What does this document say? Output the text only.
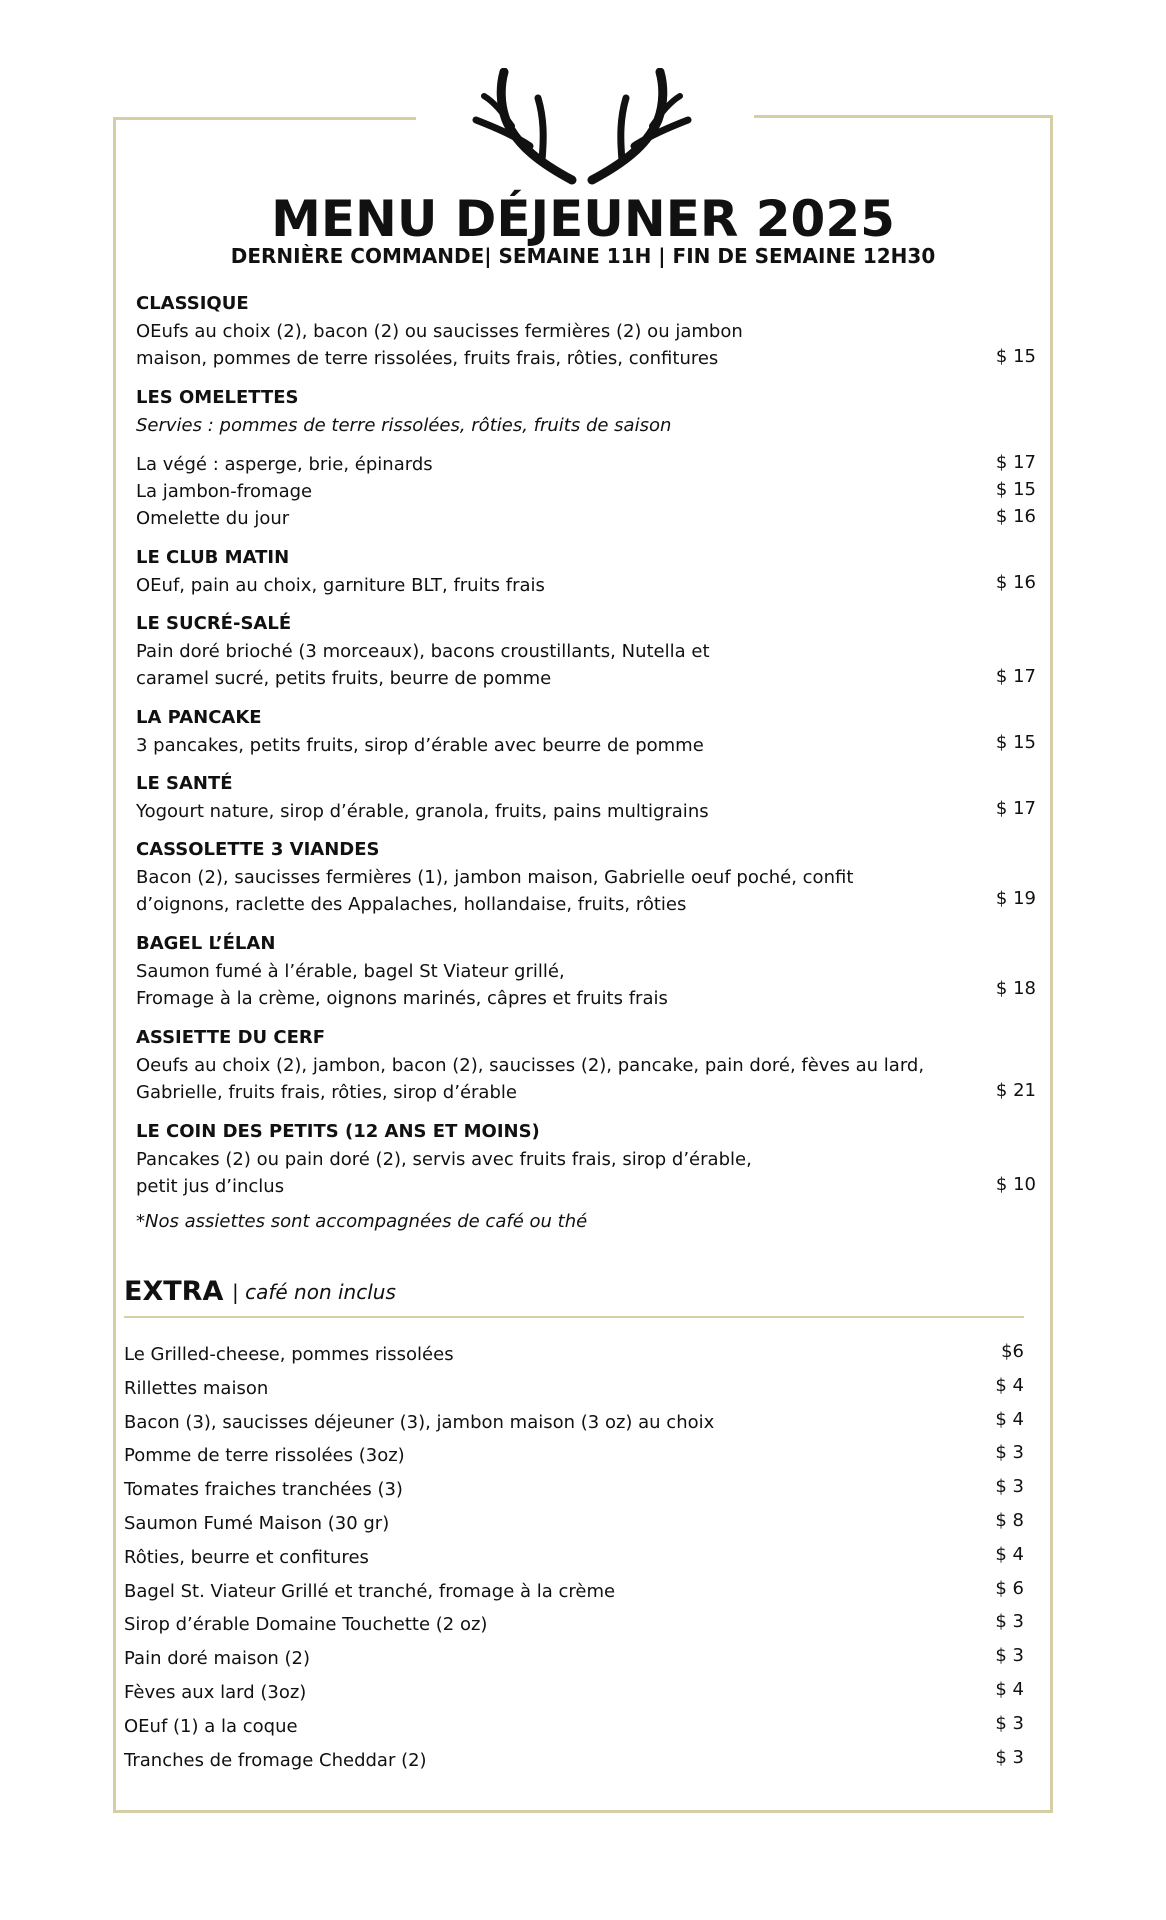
MENU DÉJEUNER 2025
DERNIÈRE COMMANDE| SEMAINE 11H | FIN DE SEMAINE 12H30
CLASSIQUE
OEufs au choix (2), bacon (2) ou saucisses fermières (2) ou jambon
maison, pommes de terre rissolées, fruits frais, rôties, confitures	$ 15
LES OMELETTES
Servies : pommes de terre rissolées, rôties, fruits de saison
La végé : asperge, brie, épinards	$ 17
La jambon-fromage	$ 15
Omelette du jour	$ 16
LE CLUB MATIN
OEuf, pain au choix, garniture BLT, fruits frais	$ 16
LE SUCRÉ-SALÉ
Pain doré brioché (3 morceaux), bacons croustillants, Nutella et
caramel sucré, petits fruits, beurre de pomme	$ 17
LA PANCAKE
3 pancakes, petits fruits, sirop d’érable avec beurre de pomme	$ 15
LE SANTÉ
Yogourt nature, sirop d’érable, granola, fruits, pains multigrains	$ 17
CASSOLETTE 3 VIANDES
Bacon (2), saucisses fermières (1), jambon maison, Gabrielle oeuf poché, confit
d’oignons, raclette des Appalaches, hollandaise, fruits, rôties	$ 19
BAGEL L’ÉLAN
Saumon fumé à l’érable, bagel St Viateur grillé,
Fromage à la crème, oignons marinés, câpres et fruits frais	$ 18
ASSIETTE DU CERF
Oeufs au choix (2), jambon, bacon (2), saucisses (2), pancake, pain doré, fèves au lard,
Gabrielle, fruits frais, rôties, sirop d’érable	$ 21
LE COIN DES PETITS (12 ANS ET MOINS)
Pancakes (2) ou pain doré (2), servis avec fruits frais, sirop d’érable,
petit jus d’inclus	$ 10
*Nos assiettes sont accompagnées de café ou thé
EXTRA | café non inclus
Le Grilled-cheese, pommes rissolées	$6
Rillettes maison	$ 4
Bacon (3), saucisses déjeuner (3), jambon maison (3 oz) au choix	$ 4
Pomme de terre rissolées (3oz)	$ 3
Tomates fraiches tranchées (3)	$ 3
Saumon Fumé Maison (30 gr)	$ 8
Rôties, beurre et confitures	$ 4
Bagel St. Viateur Grillé et tranché, fromage à la crème	$ 6
Sirop d’érable Domaine Touchette (2 oz)	$ 3
Pain doré maison (2)	$ 3
Fèves aux lard (3oz)	$ 4
OEuf (1) a la coque	$ 3
Tranches de fromage Cheddar (2)	$ 3
